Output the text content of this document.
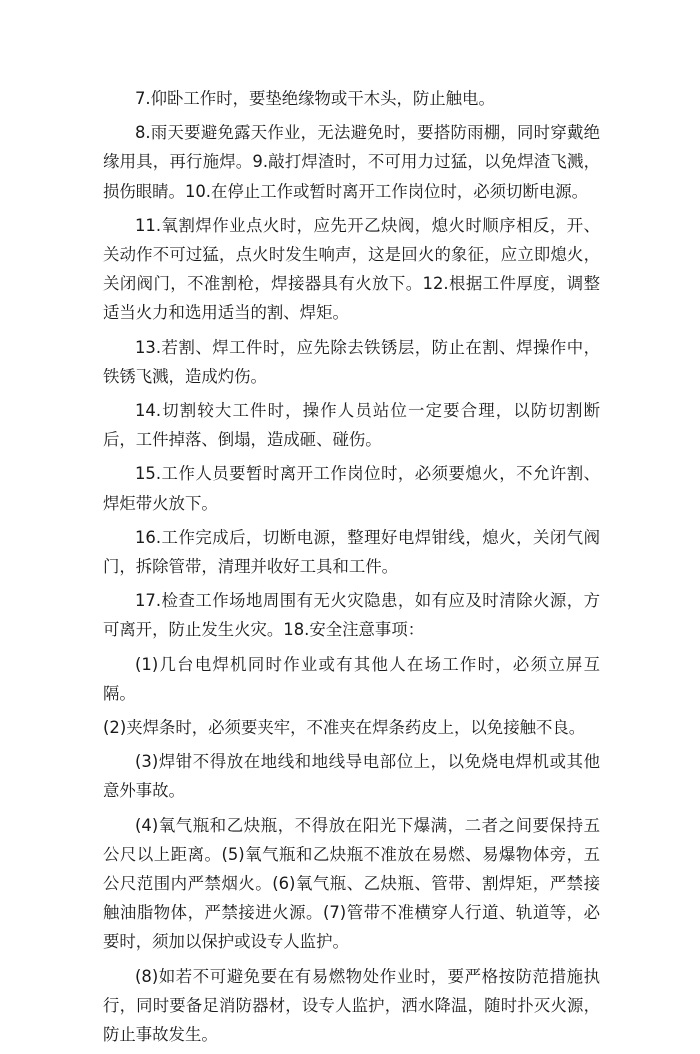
7.仰卧工作时，要垫绝缘物或干木头，防止触电。

8.雨天要避免露天作业，无法避免时，要搭防雨棚，同时穿戴绝缘用具，再行施焊。9.敲打焊渣时，不可用力过猛，以免焊渣飞溅，损伤眼睛。10.在停止工作或暂时离开工作岗位时，必须切断电源。

11.氧割焊作业点火时，应先开乙炔阀，熄火时顺序相反，开、关动作不可过猛，点火时发生响声，这是回火的象征，应立即熄火，关闭阀门，不准割枪，焊接器具有火放下。12.根据工件厚度，调整适当火力和选用适当的割、焊矩。

13.若割、焊工件时，应先除去铁锈层，防止在割、焊操作中，铁锈飞溅，造成灼伤。

14.切割较大工件时，操作人员站位一定要合理，以防切割断后，工件掉落、倒塌，造成砸、碰伤。

15.工作人员要暂时离开工作岗位时，必须要熄火，不允许割、焊炬带火放下。

16.工作完成后，切断电源，整理好电焊钳线，熄火，关闭气阀门，拆除管带，清理并收好工具和工件。

17.检查工作场地周围有无火灾隐患，如有应及时清除火源，方可离开，防止发生火灾。18.安全注意事项：

(1)几台电焊机同时作业或有其他人在场工作时，必须立屏互隔。

(2)夹焊条时，必须要夹牢，不准夹在焊条药皮上，以免接触不良。

(3)焊钳不得放在地线和地线导电部位上，以免烧电焊机或其他意外事故。

(4)氧气瓶和乙炔瓶，不得放在阳光下爆满，二者之间要保持五公尺以上距离。(5)氧气瓶和乙炔瓶不准放在易燃、易爆物体旁，五公尺范围内严禁烟火。(6)氧气瓶、乙炔瓶、管带、割焊矩，严禁接触油脂物体，严禁接进火源。(7)管带不准横穿人行道、轨道等，必要时，须加以保护或设专人监护。

(8)如若不可避免要在有易燃物处作业时，要严格按防范措施执行，同时要备足消防器材，设专人监护，洒水降温，随时扑灭火源，防止事故发生。
